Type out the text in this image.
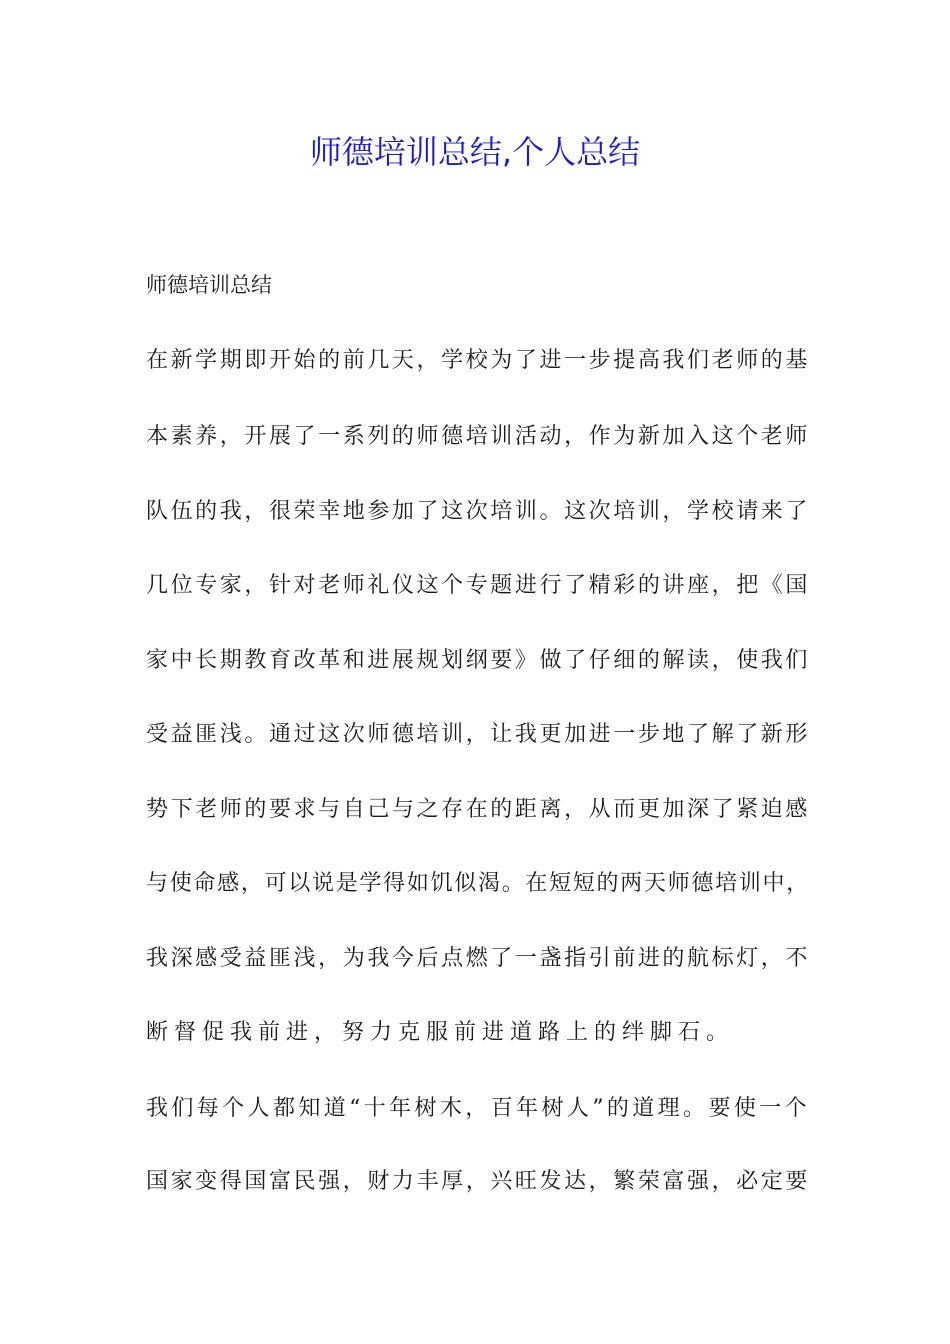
师德培训总结,个人总结
师德培训总结
在新学期即开始的前几天，学校为了进一步提高我们老师的基
本素养，开展了一系列的师德培训活动，作为新加入这个老师
队伍的我，很荣幸地参加了这次培训。这次培训，学校请来了
几位专家，针对老师礼仪这个专题进行了精彩的讲座，把《国
家中长期教育改革和进展规划纲要》做了仔细的解读，使我们
受益匪浅。通过这次师德培训，让我更加进一步地了解了新形
势下老师的要求与自己与之存在的距离，从而更加深了紧迫感
与使命感，可以说是学得如饥似渴。在短短的两天师德培训中，
我深感受益匪浅，为我今后点燃了一盏指引前进的航标灯，不
断督促我前进，努力克服前进道路上的绊脚石。
我们每个人都知道“十年树木，百年树人”的道理。要使一个
国家变得国富民强，财力丰厚，兴旺发达，繁荣富强，必定要
